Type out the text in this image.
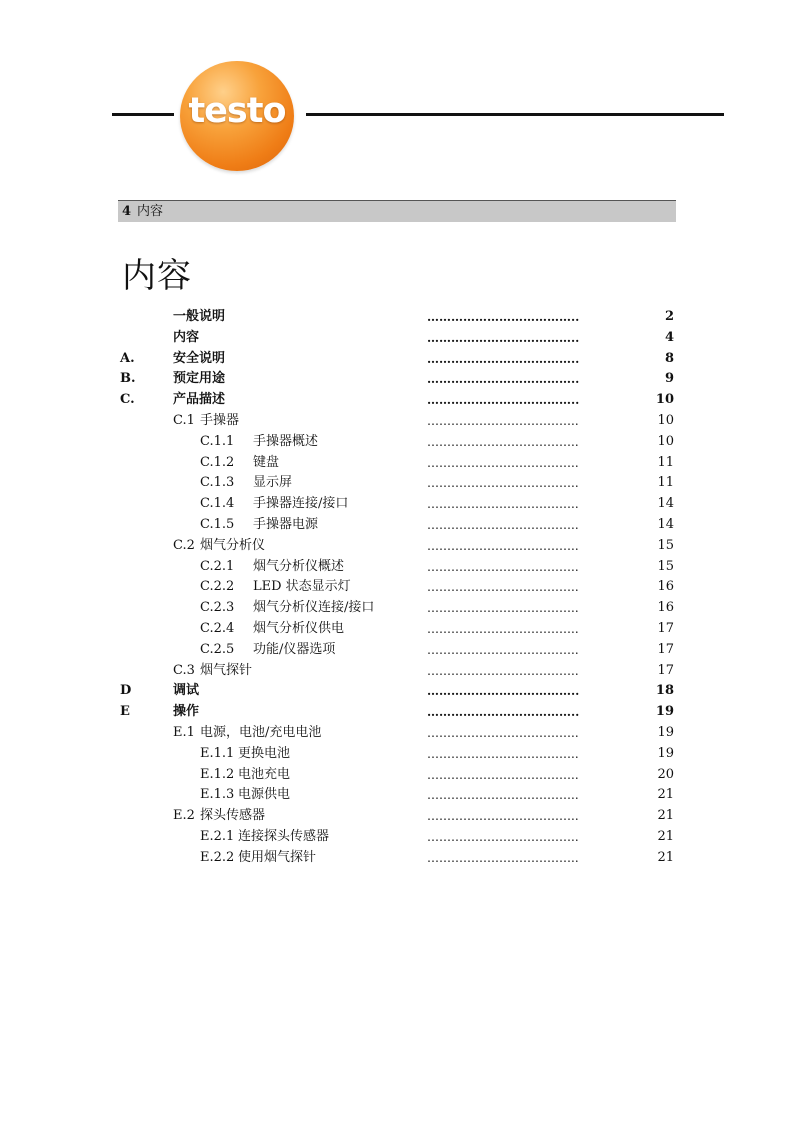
testo
4 内容
内容
一般说明	………………………………..	2
内容	………………………………..	4
A.	安全说明	………………………………..	8
B.	预定用途	………………………………..	9
C.	产品描述	………………………………..	10
C.1 手操器	………………………………..	10
C.1.1 手操器概述	………………………………..	10
C.1.2 键盘	………………………………..	11
C.1.3 显示屏	………………………………..	11
C.1.4 手操器连接/接口	………………………………..	14
C.1.5 手操器电源	………………………………..	14
C.2 烟气分析仪	………………………………..	15
C.2.1 烟气分析仪概述	………………………………..	15
C.2.2 LED 状态显示灯	………………………………..	16
C.2.3 烟气分析仪连接/接口	………………………………..	16
C.2.4 烟气分析仪供电	………………………………..	17
C.2.5 功能/仪器选项	………………………………..	17
C.3 烟气探针	………………………………..	17
D	调试	………………………………..	18
E	操作	………………………………..	19
E.1 电源，电池/充电电池	………………………………..	19
E.1.1 更换电池	………………………………..	19
E.1.2 电池充电	………………………………..	20
E.1.3 电源供电	………………………………..	21
E.2 探头传感器	………………………………..	21
E.2.1 连接探头传感器	………………………………..	21
E.2.2 使用烟气探针	………………………………..	21
